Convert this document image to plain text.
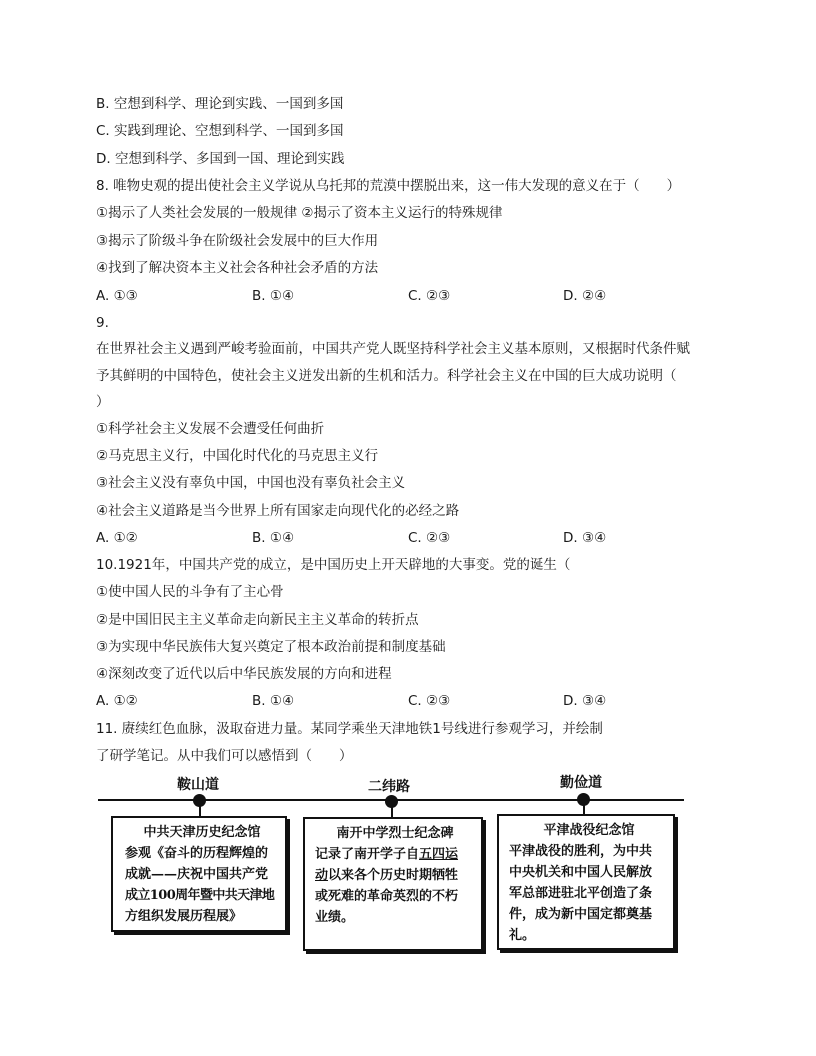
B. 空想到科学、理论到实践、一国到多国
C. 实践到理论、空想到科学、一国到多国
D. 空想到科学、多国到一国、理论到实践
8. 唯物史观的提出使社会主义学说从乌托邦的荒漠中摆脱出来，这一伟大发现的意义在于（　　）
①揭示了人类社会发展的一般规律 ②揭示了资本主义运行的特殊规律
③揭示了阶级斗争在阶级社会发展中的巨大作用
④找到了解决资本主义社会各种社会矛盾的方法
A. ①③	B. ①④	C. ②③	D. ②④
9.
在世界社会主义遇到严峻考验面前，中国共产党人既坚持科学社会主义基本原则，又根据时代条件赋
予其鲜明的中国特色，使社会主义迸发出新的生机和活力。科学社会主义在中国的巨大成功说明（
）
①科学社会主义发展不会遭受任何曲折
②马克思主义行，中国化时代化的马克思主义行
③社会主义没有辜负中国，中国也没有辜负社会主义
④社会主义道路是当今世界上所有国家走向现代化的必经之路
A. ①②	B. ①④	C. ②③	D. ③④
10.1921年，中国共产党的成立，是中国历史上开天辟地的大事变。党的诞生（
①使中国人民的斗争有了主心骨
②是中国旧民主主义革命走向新民主主义革命的转折点
③为实现中华民族伟大复兴奠定了根本政治前提和制度基础
④深刻改变了近代以后中华民族发展的方向和进程
A. ①②	B. ①④	C. ②③	D. ③④
11. 赓续红色血脉，汲取奋进力量。某同学乘坐天津地铁1号线进行参观学习，并绘制
了研学笔记。从中我们可以感悟到（　　）
鞍山道
中共天津历史纪念馆
参观《奋斗的历程辉煌的
成就——庆祝中国共产党
成立100周年暨中共天津地
方组织发展历程展》
二纬路
南开中学烈士纪念碑
记录了南开学子自五四运
动以来各个历史时期牺牲
或死难的革命英烈的不朽
业绩。
勤俭道
平津战役纪念馆
平津战役的胜利，为中共
中央机关和中国人民解放
军总部进驻北平创造了条
件，成为新中国定都奠基
礼。
